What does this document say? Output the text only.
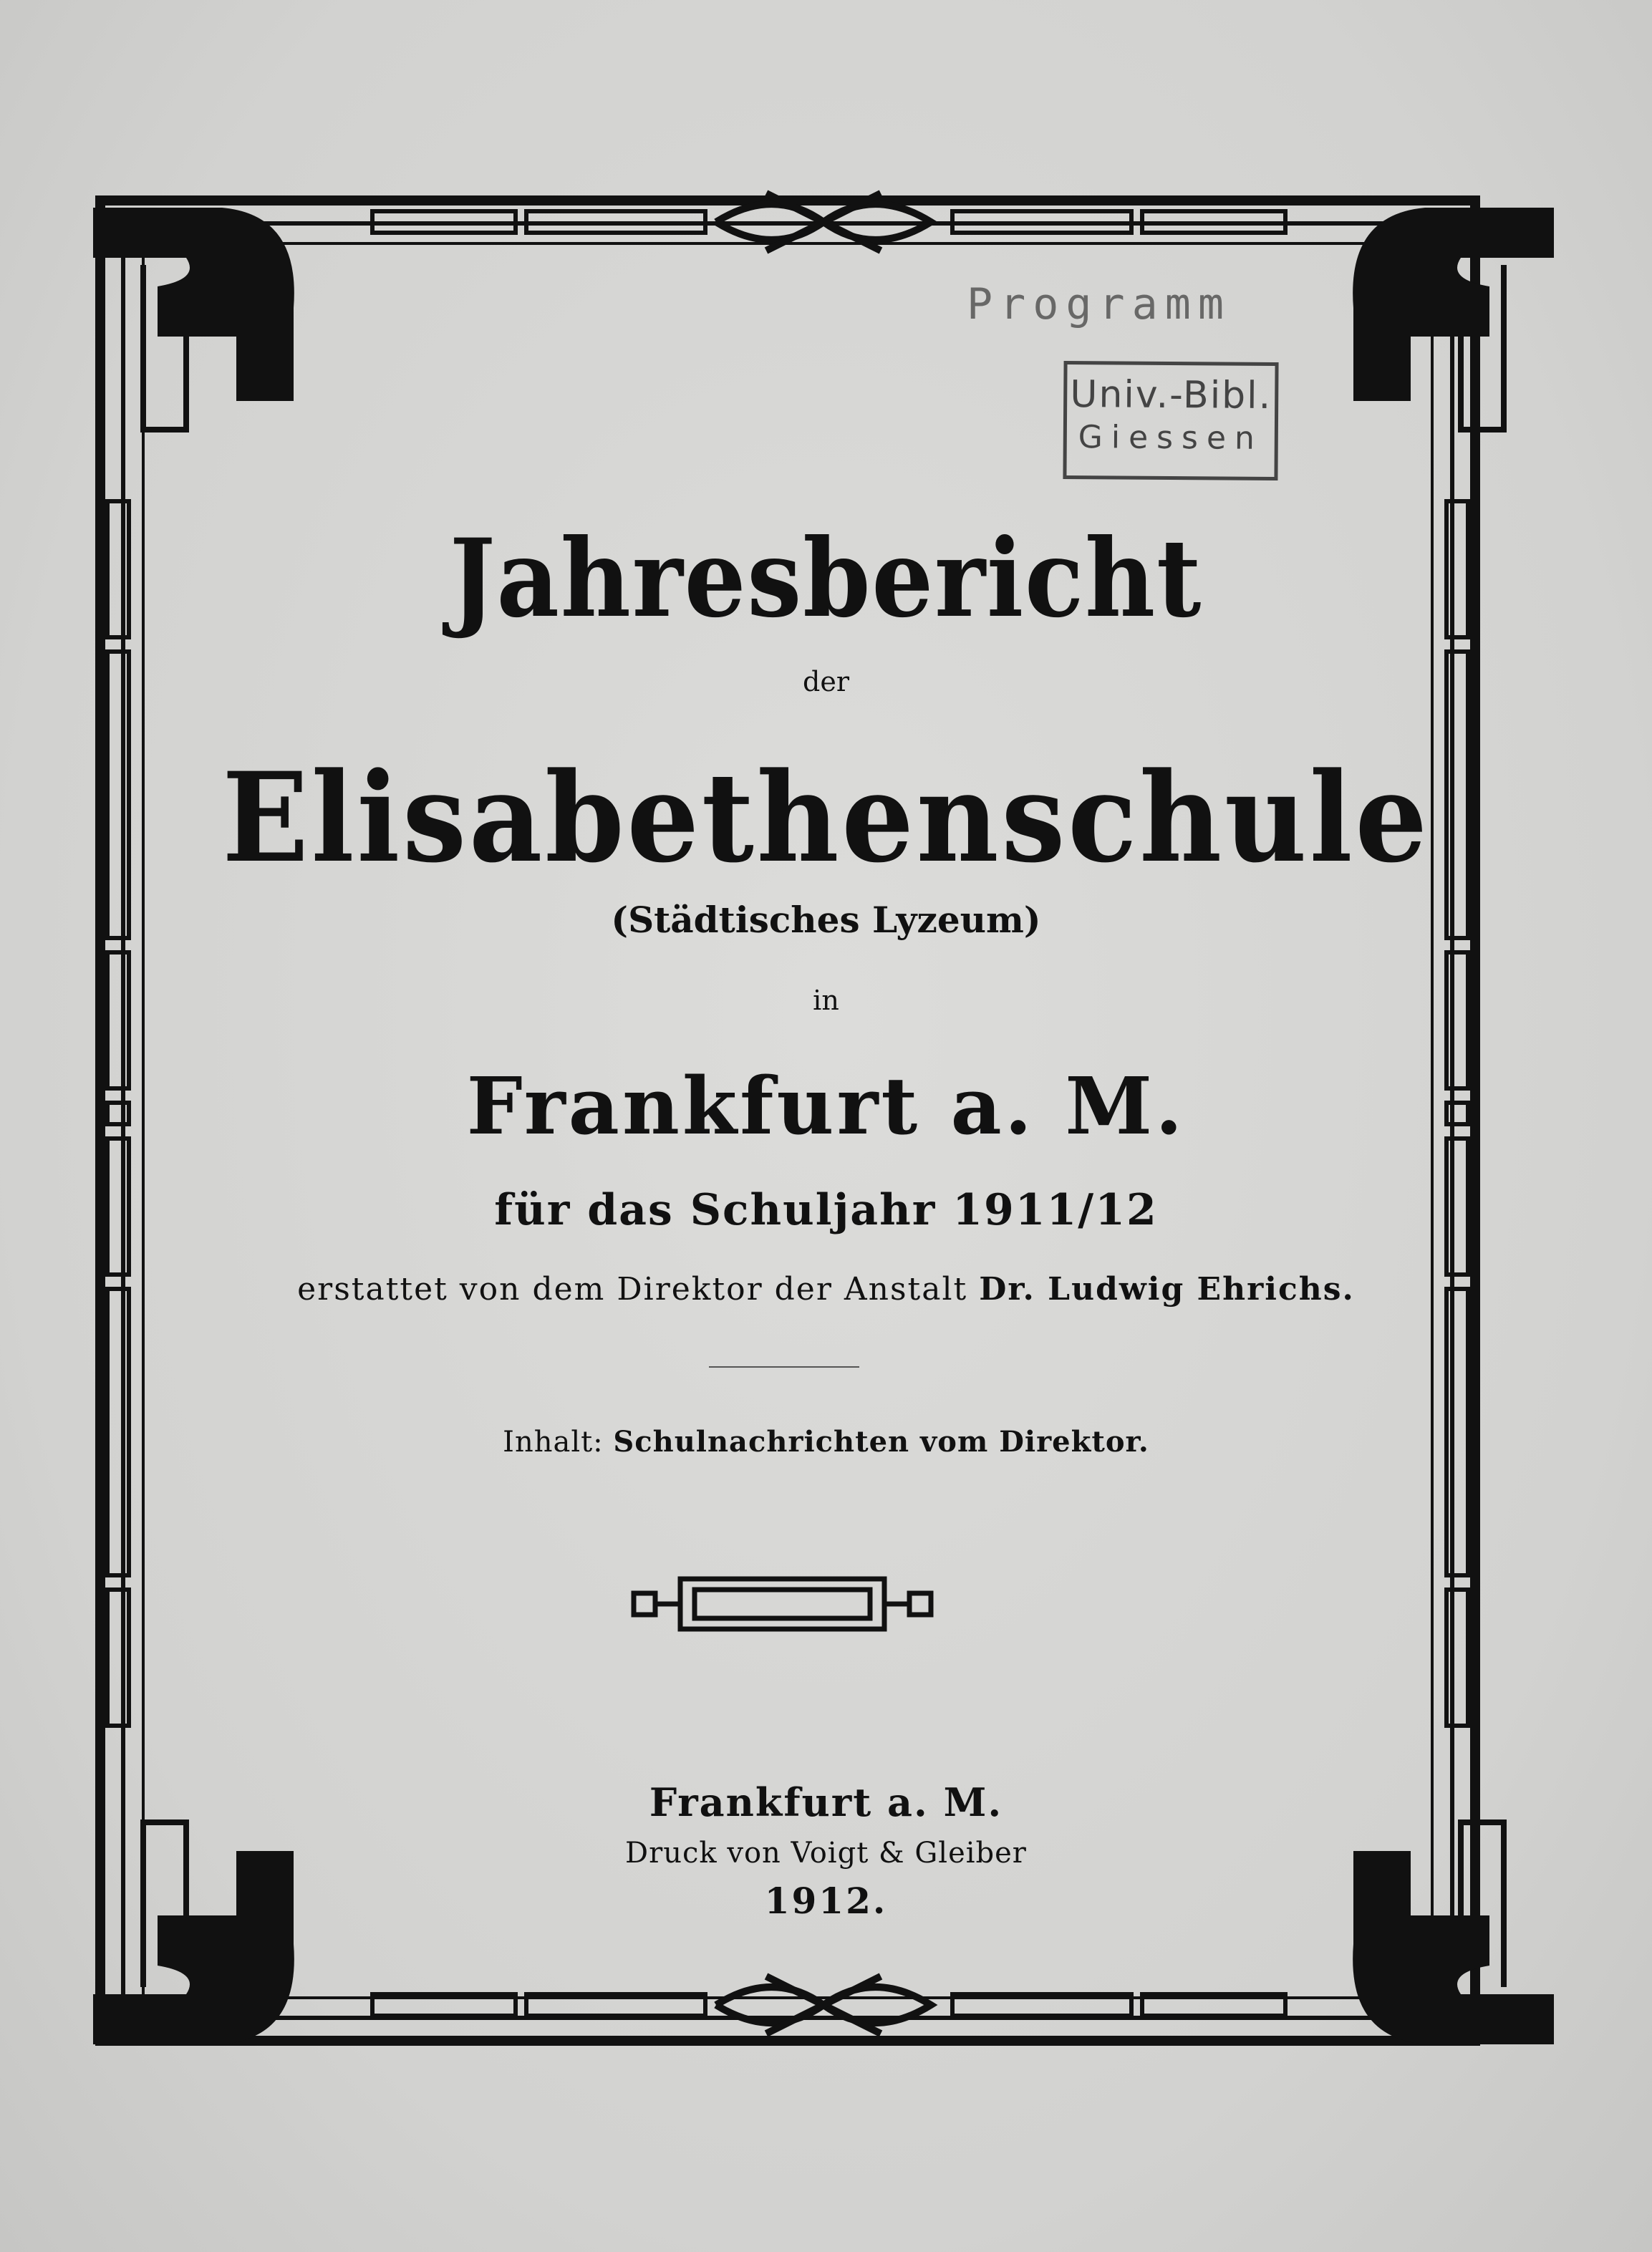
Programm
Univ.-Bibl.
Giessen
Jahresbericht
der
Elisabethenschule
(Städtisches Lyzeum)
in
Frankfurt a. M.
für das Schuljahr 1911/12
erstattet von dem Direktor der Anstalt Dr. Ludwig Ehrichs.
Inhalt: Schulnachrichten vom Direktor.
Frankfurt a. M.
Druck von Voigt & Gleiber
1912.
